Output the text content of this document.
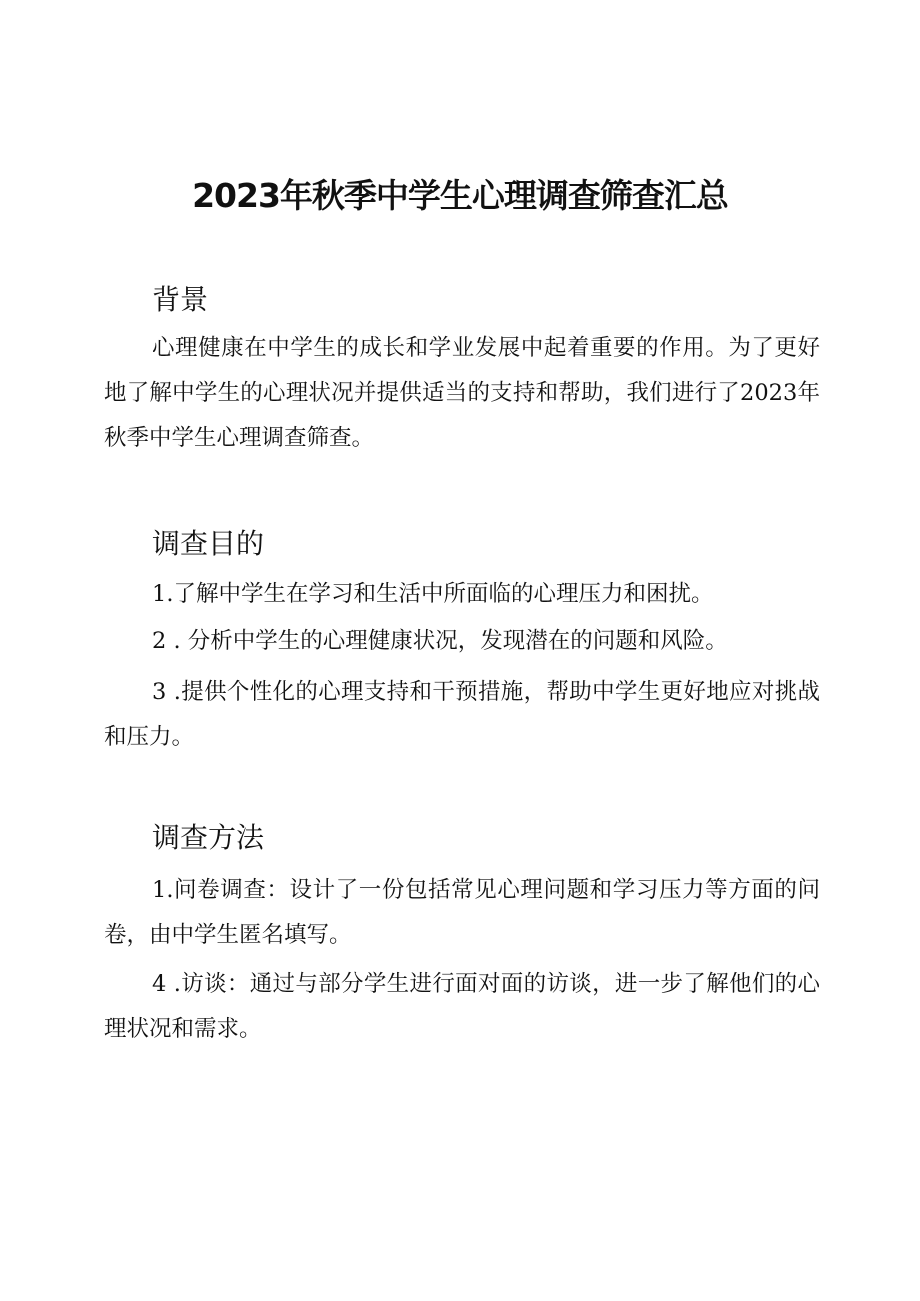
2023年秋季中学生心理调查筛查汇总
背景

心理健康在中学生的成长和学业发展中起着重要的作用。为了更好地了解中学生的心理状况并提供适当的支持和帮助，我们进行了2023年秋季中学生心理调查筛查。

调查目的

1.了解中学生在学习和生活中所面临的心理压力和困扰。

2 . 分析中学生的心理健康状况，发现潜在的问题和风险。

3 .提供个性化的心理支持和干预措施，帮助中学生更好地应对挑战和压力。

调查方法

1.问卷调查：设计了一份包括常见心理问题和学习压力等方面的问卷，由中学生匿名填写。

4 .访谈：通过与部分学生进行面对面的访谈，进一步了解他们的心理状况和需求。
